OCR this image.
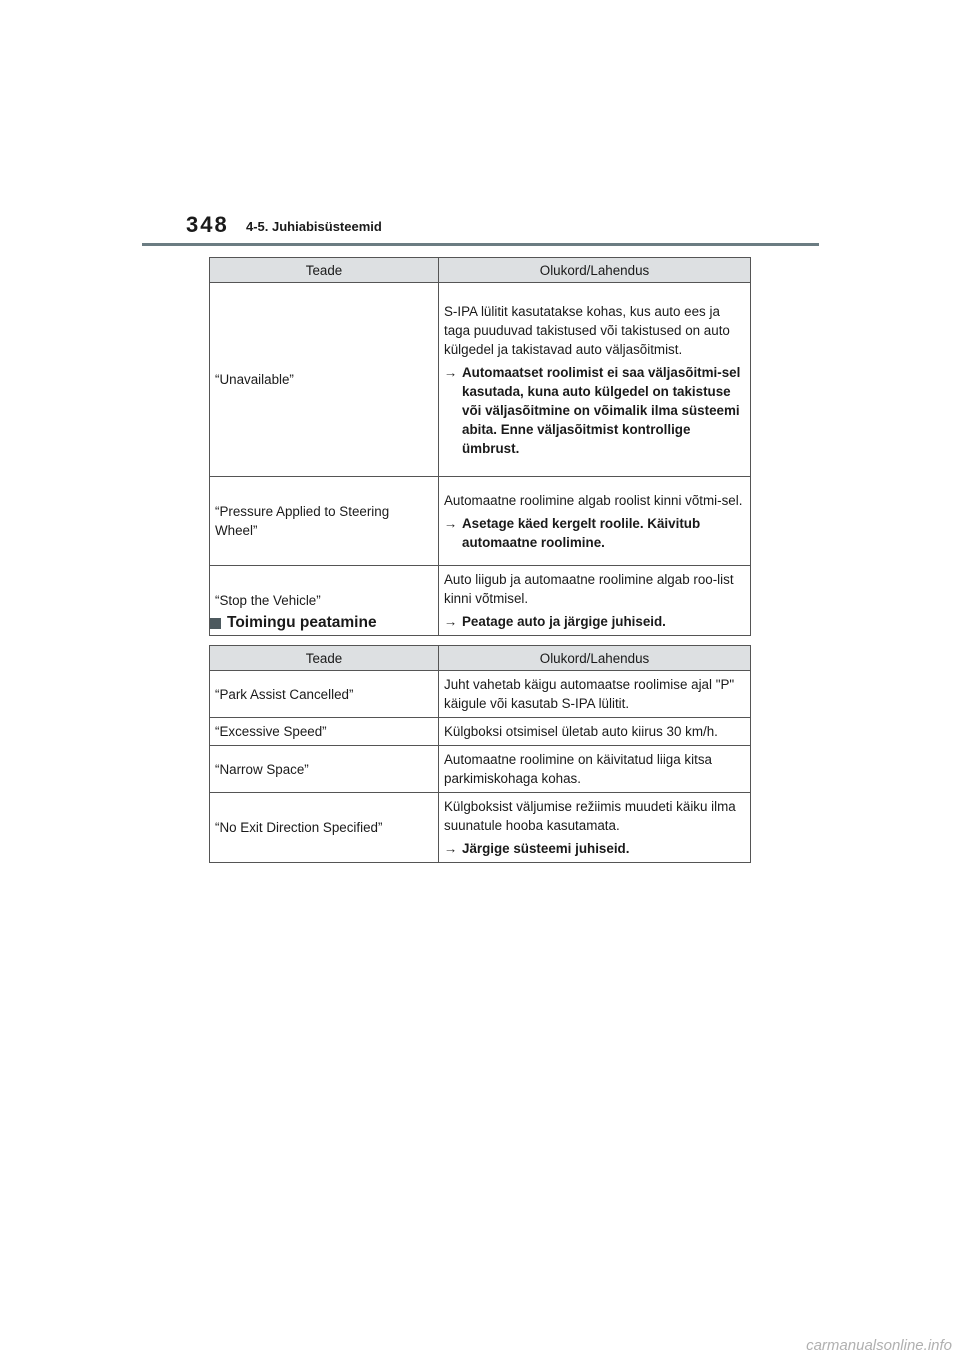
348 4-5. Juhiabisüsteemid
Teade	Olukord/Lahendus
“Unavailable”	S-IPA lülitit kasutatakse kohas, kus auto ees ja taga puuduvad takistused või takistused on auto külgedel ja takistavad auto väljasõitmist.

→ Automaatset roolimist ei saa väljasõitmi-sel kasutada, kuna auto külgedel on takistuse või väljasõitmine on võimalik ilma süsteemi abita. Enne väljasõitmist kontrollige ümbrust.

“Pressure Applied to Steering Wheel”	Automaatne roolimine algab roolist kinni võtmi-sel.

→ Asetage käed kergelt roolile. Käivitub automaatne roolimine.

“Stop the Vehicle”	Auto liigub ja automaatne roolimine algab roo-list kinni võtmisel.

→ Peatage auto ja järgige juhiseid.

Toimingu peatamine
Teade	Olukord/Lahendus
“Park Assist Cancelled”	Juht vahetab käigu automaatse roolimise ajal "P" käigule või kasutab S-IPA lülitit.
“Excessive Speed”	Külgboksi otsimisel ületab auto kiirus 30 km/h.
“Narrow Space”	Automaatne roolimine on käivitatud liiga kitsa parkimiskohaga kohas.
“No Exit Direction Specified”	Külgboksist väljumise režiimis muudeti käiku ilma suunatule hooba kasutamata.

→ Järgige süsteemi juhiseid.

carmanualsonline.info
